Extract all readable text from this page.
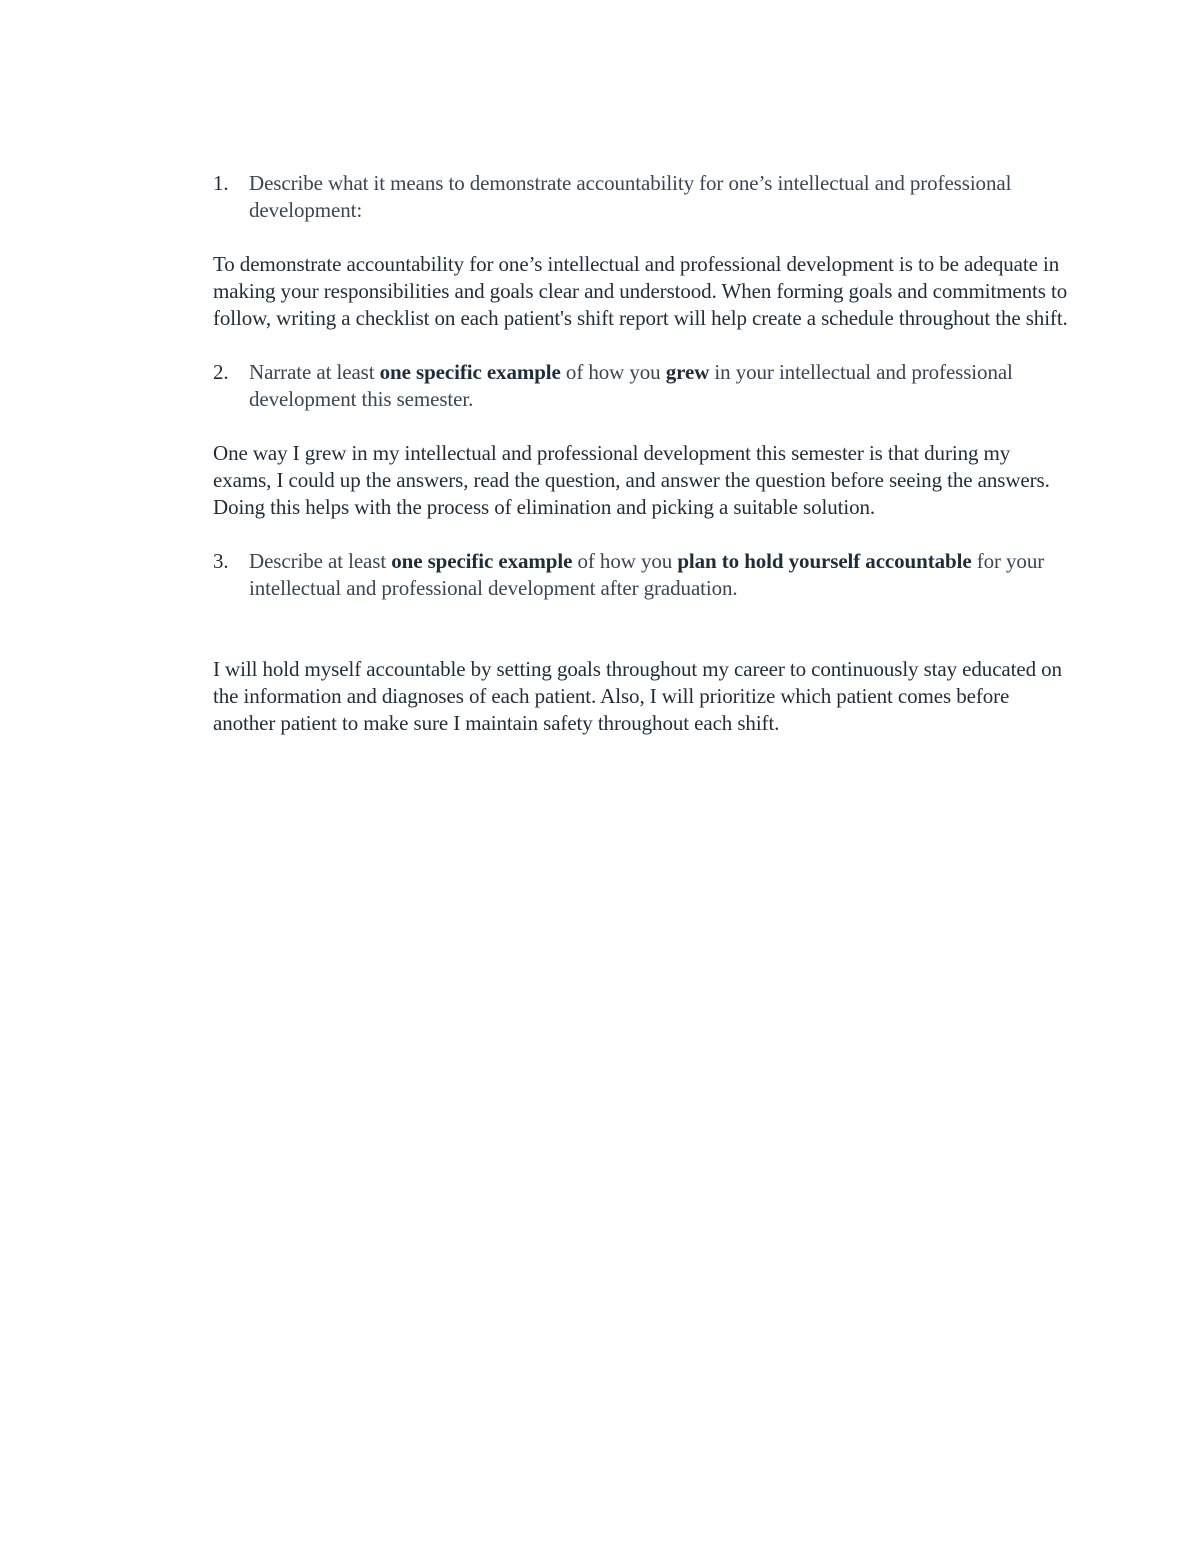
1. Describe what it means to demonstrate accountability for one’s intellectual and professional development:

To demonstrate accountability for one’s intellectual and professional development is to be adequate in making your responsibilities and goals clear and understood. When forming goals and commitments to follow, writing a checklist on each patient's shift report will help create a schedule throughout the shift.

2. Narrate at least one specific example of how you grew in your intellectual and professional development this semester.

One way I grew in my intellectual and professional development this semester is that during my exams, I could up the answers, read the question, and answer the question before seeing the answers. Doing this helps with the process of elimination and picking a suitable solution.

3. Describe at least one specific example of how you plan to hold yourself accountable for your intellectual and professional development after graduation.

I will hold myself accountable by setting goals throughout my career to continuously stay educated on the information and diagnoses of each patient. Also, I will prioritize which patient comes before another patient to make sure I maintain safety throughout each shift.
